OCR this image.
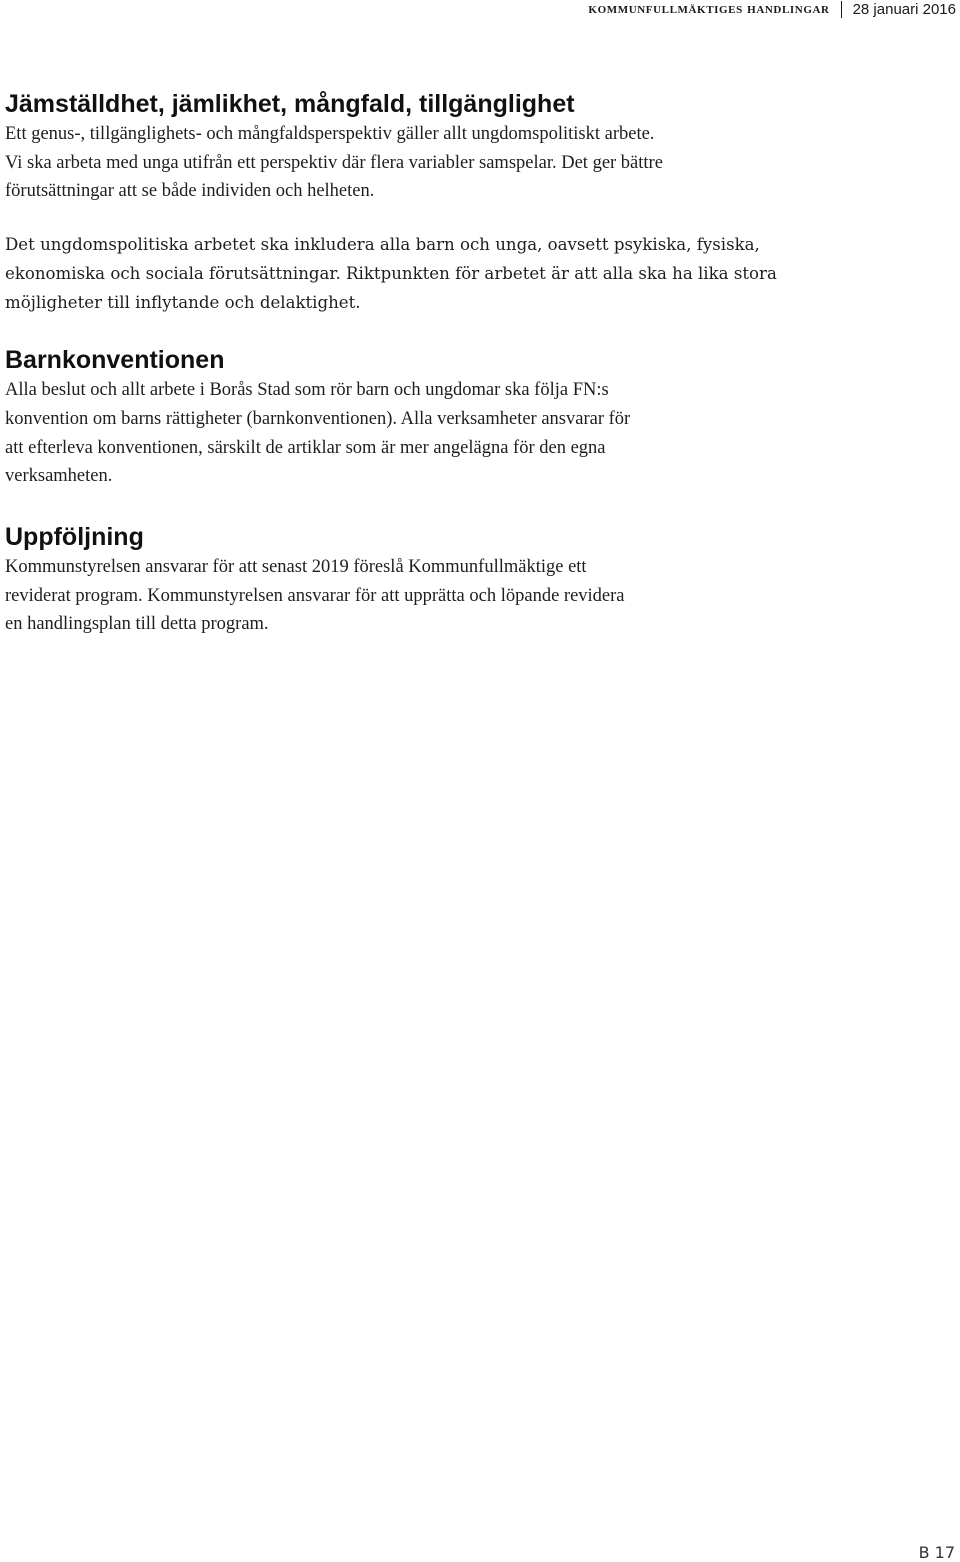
kommunfullmäktiges handlingar 28 januari 2016
Jämställdhet, jämlikhet, mångfald, tillgänglighet

Ett genus-, tillgänglighets- och mångfaldsperspektiv gäller allt ungdomspolitiskt arbete.
Vi ska arbeta med unga utifrån ett perspektiv där flera variabler samspelar. Det ger bättre
förutsättningar att se både individen och helheten.

Det ungdomspolitiska arbetet ska inkludera alla barn och unga, oavsett psykiska, fysiska,
ekonomiska och sociala förutsättningar. Riktpunkten för arbetet är att alla ska ha lika stora
möjligheter till inflytande och delaktighet.

Barnkonventionen

Alla beslut och allt arbete i Borås Stad som rör barn och ungdomar ska följa FN:s
konvention om barns rättigheter (barnkonventionen). Alla verksamheter ansvarar för
att efterleva konventionen, särskilt de artiklar som är mer angelägna för den egna
verksamheten.

Uppföljning

Kommunstyrelsen ansvarar för att senast 2019 föreslå Kommunfullmäktige ett
reviderat program. Kommunstyrelsen ansvarar för att upprätta och löpande revidera
en handlingsplan till detta program.

B 17
